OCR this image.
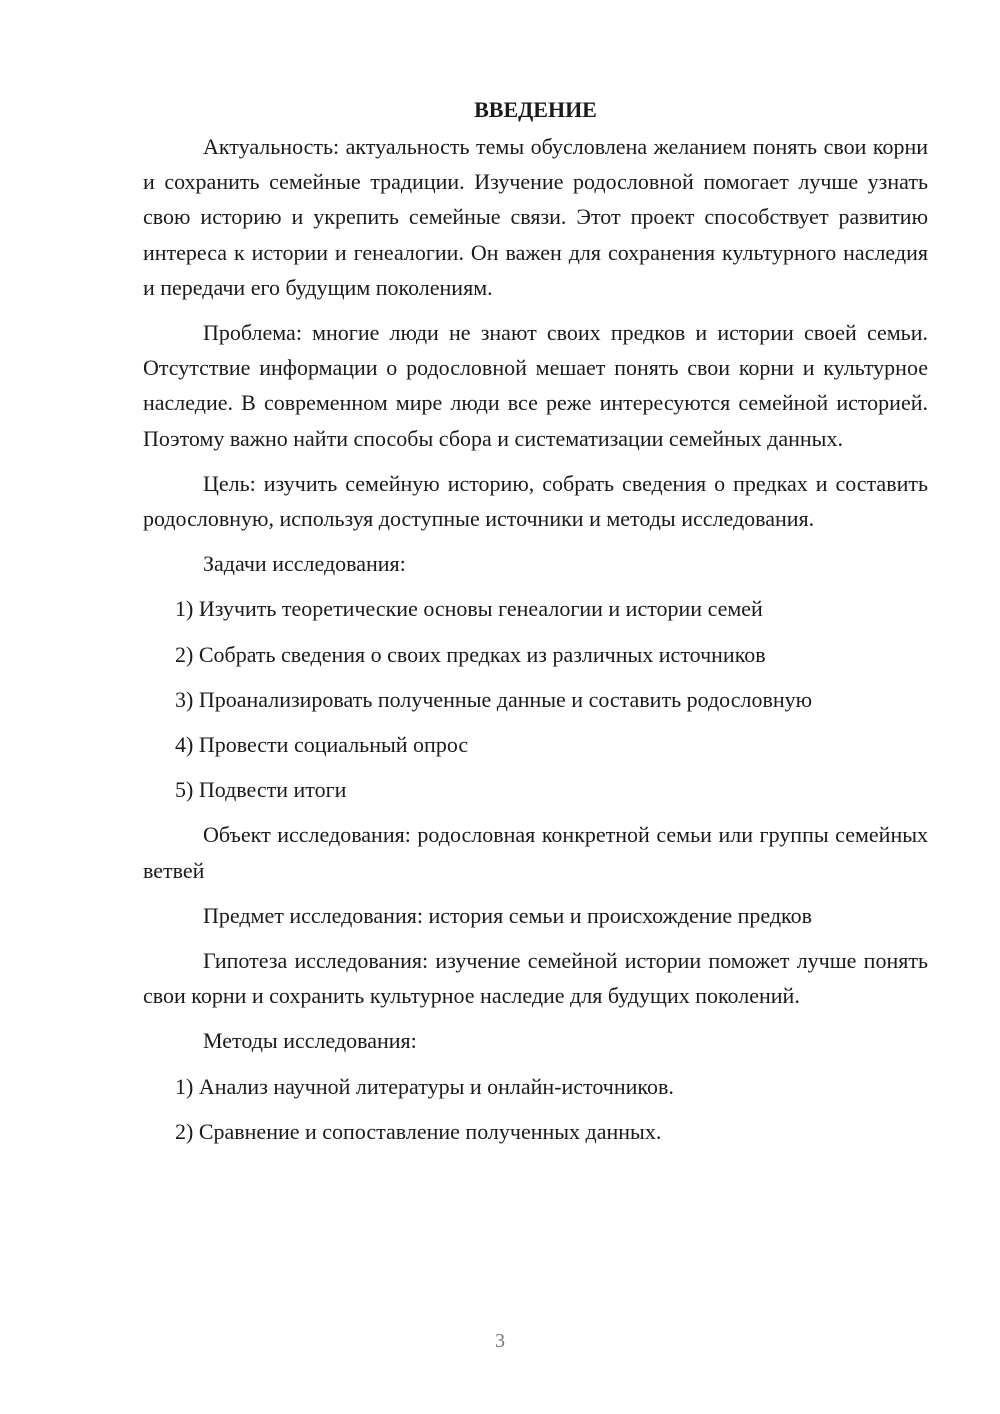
ВВЕДЕНИЕ

Актуальность: актуальность темы обусловлена желанием понять свои корни и сохранить семейные традиции. Изучение родословной помогает лучше узнать свою историю и укрепить семейные связи. Этот проект способствует развитию интереса к истории и генеалогии. Он важен для сохранения культурного наследия и передачи его будущим поколениям.

Проблема: многие люди не знают своих предков и истории своей семьи. Отсутствие информации о родословной мешает понять свои корни и культурное наследие. В современном мире люди все реже интересуются семейной историей. Поэтому важно найти способы сбора и систематизации семейных данных.

Цель: изучить семейную историю, собрать сведения о предках и составить родословную, используя доступные источники и методы исследования.

Задачи исследования:

1) Изучить теоретические основы генеалогии и истории семей

2) Собрать сведения о своих предках из различных источников

3) Проанализировать полученные данные и составить родословную

4) Провести социальный опрос

5) Подвести итоги

Объект исследования: родословная конкретной семьи или группы семейных ветвей

Предмет исследования: история семьи и происхождение предков

Гипотеза исследования: изучение семейной истории поможет лучше понять свои корни и сохранить культурное наследие для будущих поколений.

Методы исследования:

1) Анализ научной литературы и онлайн-источников.

2) Сравнение и сопоставление полученных данных.

3
